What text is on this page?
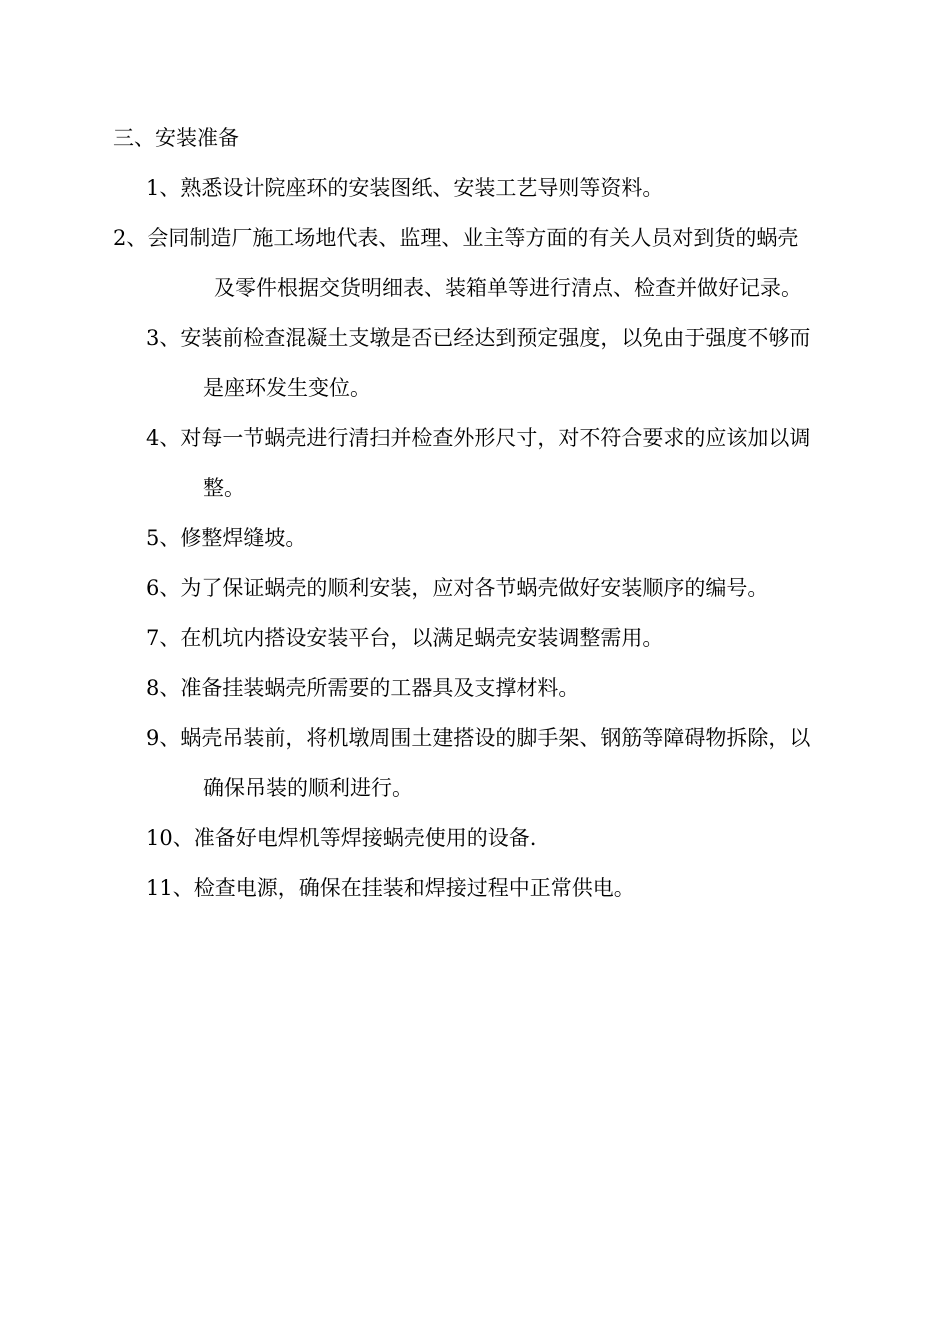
三、安装准备
1、熟悉设计院座环的安装图纸、安装工艺导则等资料。
2、会同制造厂施工场地代表、监理、业主等方面的有关人员对到货的蜗壳
及零件根据交货明细表、装箱单等进行清点、检查并做好记录。
3、安装前检查混凝土支墩是否已经达到预定强度，以免由于强度不够而
是座环发生变位。
4、对每一节蜗壳进行清扫并检查外形尺寸，对不符合要求的应该加以调
整。
5、修整焊缝坡。
6、为了保证蜗壳的顺利安装，应对各节蜗壳做好安装顺序的编号。
7、在机坑内搭设安装平台，以满足蜗壳安装调整需用。
8、准备挂装蜗壳所需要的工器具及支撑材料。
9、蜗壳吊装前，将机墩周围土建搭设的脚手架、钢筋等障碍物拆除，以
确保吊装的顺利进行。
10、准备好电焊机等焊接蜗壳使用的设备.
11、检查电源，确保在挂装和焊接过程中正常供电。
